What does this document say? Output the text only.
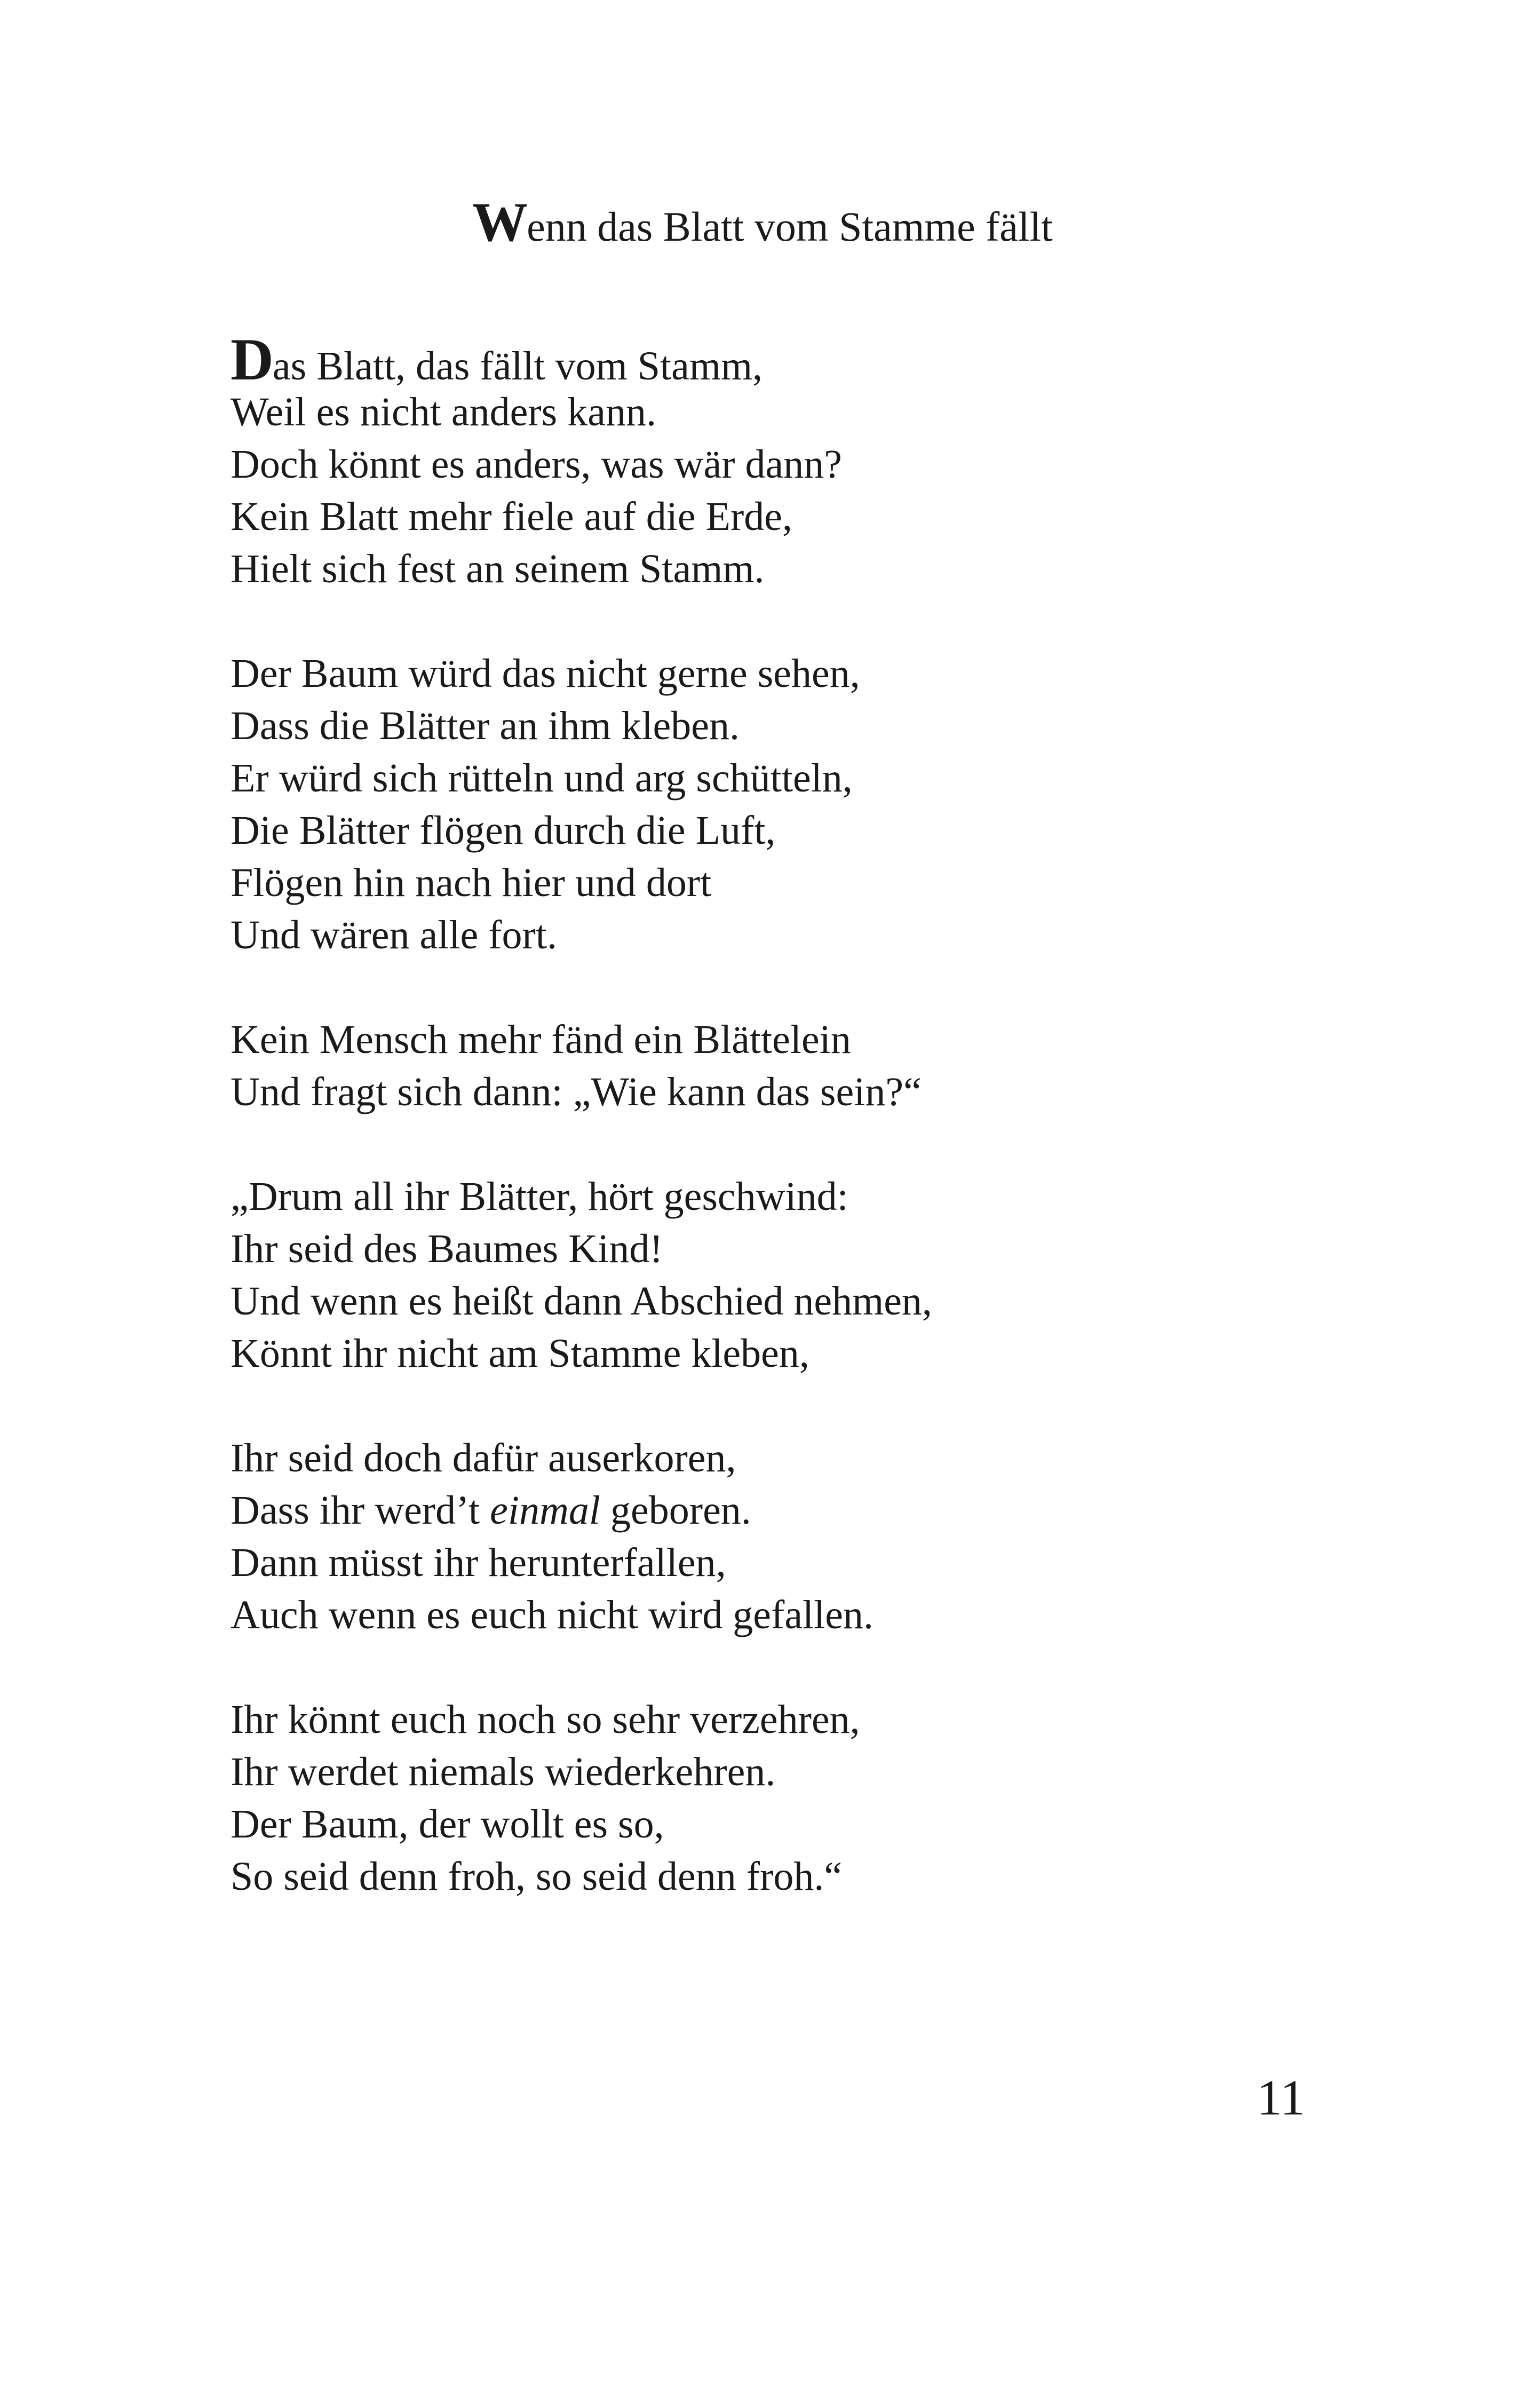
Wenn das Blatt vom Stamme fällt
Das Blatt, das fällt vom Stamm,
Weil es nicht anders kann.
Doch könnt es anders, was wär dann?
Kein Blatt mehr fiele auf die Erde,
Hielt sich fest an seinem Stamm.
Der Baum würd das nicht gerne sehen,
Dass die Blätter an ihm kleben.
Er würd sich rütteln und arg schütteln,
Die Blätter flögen durch die Luft,
Flögen hin nach hier und dort
Und wären alle fort.
Kein Mensch mehr fänd ein Blättelein
Und fragt sich dann: „Wie kann das sein?“
„Drum all ihr Blätter, hört geschwind:
Ihr seid des Baumes Kind!
Und wenn es heißt dann Abschied nehmen,
Könnt ihr nicht am Stamme kleben,
Ihr seid doch dafür auserkoren,
Dass ihr werd’t einmal geboren.
Dann müsst ihr herunterfallen,
Auch wenn es euch nicht wird gefallen.
Ihr könnt euch noch so sehr verzehren,
Ihr werdet niemals wiederkehren.
Der Baum, der wollt es so,
So seid denn froh, so seid denn froh.“
11
